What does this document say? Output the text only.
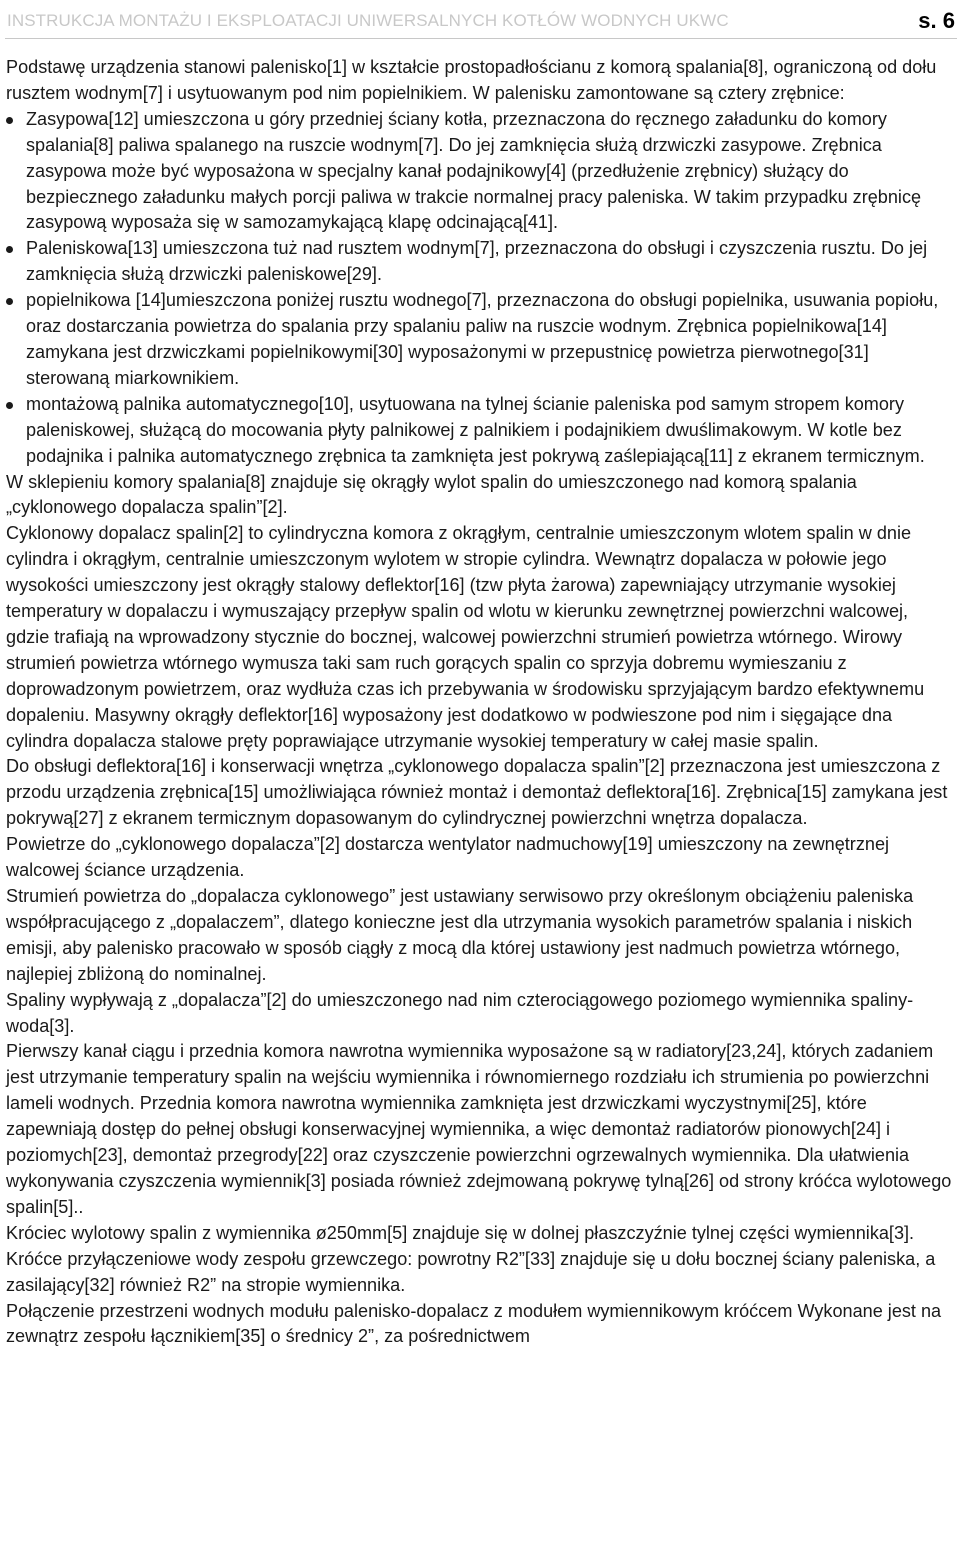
INSTRUKCJA MONTAŻU I EKSPLOATACJI UNIWERSALNYCH KOTŁÓW WODNYCH UKWC	s. 6

Podstawę urządzenia stanowi palenisko[1] w kształcie prostopadłościanu z komorą spalania[8], ograniczoną od dołu rusztem wodnym[7] i usytuowanym pod nim popielnikiem. W palenisku zamontowane są cztery zrębnice:

Zasypowa[12] umieszczona u góry przedniej ściany kotła, przeznaczona do ręcznego załadunku do komory spalania[8] paliwa spalanego na ruszcie wodnym[7]. Do jej zamknięcia służą drzwiczki zasypowe. Zrębnica zasypowa może być wyposażona w specjalny kanał podajnikowy[4] (przedłużenie zrębnicy) służący do bezpiecznego załadunku małych porcji paliwa w trakcie normalnej pracy paleniska. W takim przypadku zrębnicę zasypową wyposaża się w samozamykającą klapę odcinającą[41].
Paleniskowa[13] umieszczona tuż nad rusztem wodnym[7], przeznaczona do obsługi i czyszczenia rusztu. Do jej zamknięcia służą drzwiczki paleniskowe[29].
popielnikowa [14]umieszczona poniżej rusztu wodnego[7], przeznaczona do obsługi popielnika, usuwania popiołu, oraz dostarczania powietrza do spalania przy spalaniu paliw na ruszcie wodnym. Zrębnica popielnikowa[14] zamykana jest drzwiczkami popielnikowymi[30] wyposażonymi w przepustnicę powietrza pierwotnego[31] sterowaną miarkownikiem.
montażową palnika automatycznego[10], usytuowana na tylnej ścianie paleniska pod samym stropem komory paleniskowej, służącą do mocowania płyty palnikowej z palnikiem i podajnikiem dwuślimakowym. W kotle bez podajnika i palnika automatycznego zrębnica ta zamknięta jest pokrywą zaślepiającą[11] z ekranem termicznym.

W sklepieniu komory spalania[8] znajduje się okrągły wylot spalin do umieszczonego nad komorą spalania „cyklonowego dopalacza spalin”[2].

Cyklonowy dopalacz spalin[2] to cylindryczna komora z okrągłym, centralnie umieszczonym wlotem spalin w dnie cylindra i okrągłym, centralnie umieszczonym wylotem w stropie cylindra. Wewnątrz dopalacza w połowie jego wysokości umieszczony jest okrągły stalowy deflektor[16] (tzw płyta żarowa) zapewniający utrzymanie wysokiej temperatury w dopalaczu i wymuszający przepływ spalin od wlotu w kierunku zewnętrznej powierzchni walcowej, gdzie trafiają na wprowadzony stycznie do bocznej, walcowej powierzchni strumień powietrza wtórnego. Wirowy strumień powietrza wtórnego wymusza taki sam ruch gorących spalin co sprzyja dobremu wymieszaniu z doprowadzonym powietrzem, oraz wydłuża czas ich przebywania w środowisku sprzyjającym bardzo efektywnemu dopaleniu. Masywny okrągły deflektor[16] wyposażony jest dodatkowo w podwieszone pod nim i sięgające dna cylindra dopalacza stalowe pręty poprawiające utrzymanie wysokiej temperatury w całej masie spalin.

Do obsługi deflektora[16] i konserwacji wnętrza „cyklonowego dopalacza spalin”[2] przeznaczona jest umieszczona z przodu urządzenia zrębnica[15] umożliwiająca również montaż i demontaż deflektora[16]. Zrębnica[15] zamykana jest pokrywą[27] z ekranem termicznym dopasowanym do cylindrycznej powierzchni wnętrza dopalacza.

Powietrze do „cyklonowego dopalacza”[2] dostarcza wentylator nadmuchowy[19] umieszczony na zewnętrznej walcowej ściance urządzenia.

Strumień powietrza do „dopalacza cyklonowego” jest ustawiany serwisowo przy określonym obciążeniu paleniska współpracującego z „dopalaczem”, dlatego konieczne jest dla utrzymania wysokich parametrów spalania i niskich emisji, aby palenisko pracowało w sposób ciągły z mocą dla której ustawiony jest nadmuch powietrza wtórnego, najlepiej zbliżoną do nominalnej.

Spaliny wypływają z „dopalacza”[2] do umieszczonego nad nim czterociągowego poziomego wymiennika spaliny-woda[3].

Pierwszy kanał ciągu i przednia komora nawrotna wymiennika wyposażone są w radiatory[23,24], których zadaniem jest utrzymanie temperatury spalin na wejściu wymiennika i równomiernego rozdziału ich strumienia po powierzchni lameli wodnych. Przednia komora nawrotna wymiennika zamknięta jest drzwiczkami wyczystnymi[25], które zapewniają dostęp do pełnej obsługi konserwacyjnej wymiennika, a więc demontaż radiatorów pionowych[24] i poziomych[23], demontaż przegrody[22] oraz czyszczenie powierzchni ogrzewalnych wymiennika. Dla ułatwienia wykonywania czyszczenia wymiennik[3] posiada również zdejmowaną pokrywę tylną[26] od strony króćca wylotowego spalin[5]..

Króciec wylotowy spalin z wymiennika ø250mm[5] znajduje się w dolnej płaszczyźnie tylnej części wymiennika[3].

Króćce przyłączeniowe wody zespołu grzewczego: powrotny R2”[33] znajduje się u dołu bocznej ściany paleniska, a zasilający[32] również R2” na stropie wymiennika.

Połączenie przestrzeni wodnych modułu palenisko-dopalacz z modułem wymiennikowym króćcem Wykonane jest na zewnątrz zespołu łącznikiem[35] o średnicy 2”, za pośrednictwem
